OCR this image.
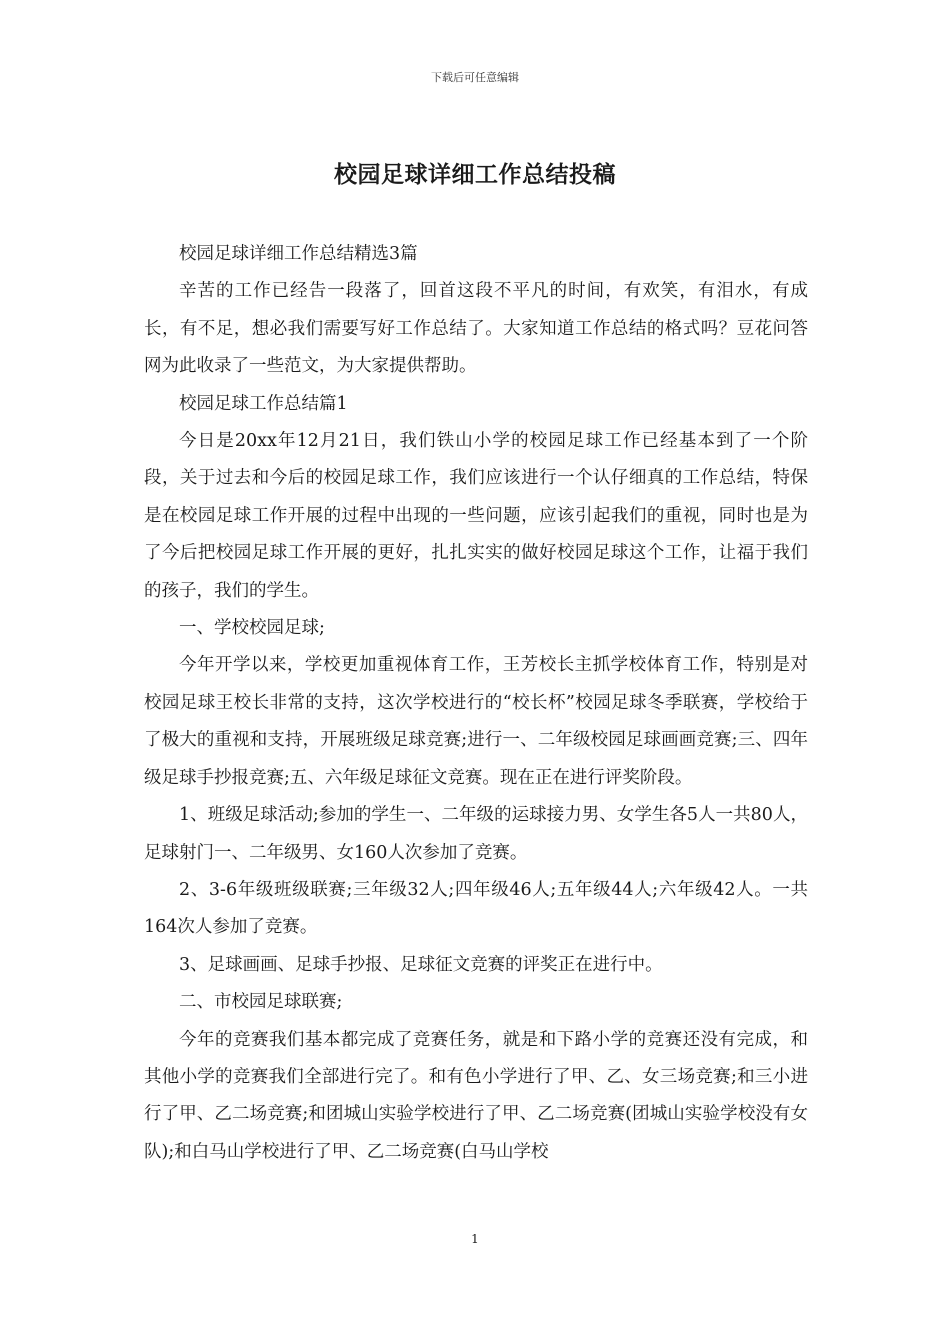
下载后可任意编辑
校园足球详细工作总结投稿

校园足球详细工作总结精选3篇

辛苦的工作已经告一段落了，回首这段不平凡的时间，有欢笑，有泪水，有成长，有不足，想必我们需要写好工作总结了。大家知道工作总结的格式吗？豆花问答网为此收录了一些范文，为大家提供帮助。

校园足球工作总结篇1

今日是20xx年12月21日，我们铁山小学的校园足球工作已经基本到了一个阶段，关于过去和今后的校园足球工作，我们应该进行一个认仔细真的工作总结，特保是在校园足球工作开展的过程中出现的一些问题，应该引起我们的重视，同时也是为了今后把校园足球工作开展的更好，扎扎实实的做好校园足球这个工作，让福于我们的孩子，我们的学生。

一、学校校园足球;

今年开学以来，学校更加重视体育工作，王芳校长主抓学校体育工作，特别是对校园足球王校长非常的支持，这次学校进行的“校长杯”校园足球冬季联赛，学校给于了极大的重视和支持，开展班级足球竞赛;进行一、二年级校园足球画画竞赛;三、四年级足球手抄报竞赛;五、六年级足球征文竞赛。现在正在进行评奖阶段。

1、班级足球活动;参加的学生一、二年级的运球接力男、女学生各5人一共80人，足球射门一、二年级男、女160人次参加了竞赛。

2、3-6年级班级联赛;三年级32人;四年级46人;五年级44人;六年级42人。一共164次人参加了竞赛。

3、足球画画、足球手抄报、足球征文竞赛的评奖正在进行中。

二、市校园足球联赛;

今年的竞赛我们基本都完成了竞赛任务，就是和下路小学的竞赛还没有完成，和其他小学的竞赛我们全部进行完了。和有色小学进行了甲、乙、女三场竞赛;和三小进行了甲、乙二场竞赛;和团城山实验学校进行了甲、乙二场竞赛(团城山实验学校没有女队);和白马山学校进行了甲、乙二场竞赛(白马山学校

1
